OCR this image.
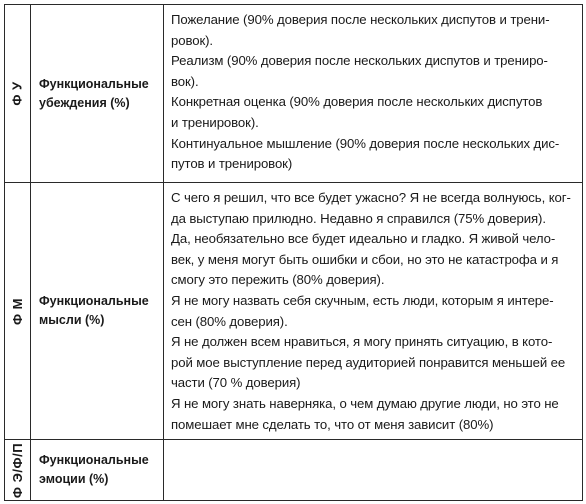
Ф У Функциональные убеждения (%)

Пожелание (90% доверия после нескольких диспутов и трени-

ровок).

Реализм (90% доверия после нескольких диспутов и трениро-

вок).

Конкретная оценка (90% доверия после нескольких диспутов

и тренировок).

Континуальное мышление (90% доверия после нескольких дис-

путов и тренировок)

Ф М Функциональные мысли (%)

С чего я решил, что все будет ужасно? Я не всегда волнуюсь, ког-

да выступаю прилюдно. Недавно я справился (75% доверия).

Да, необязательно все будет идеально и гладко. Я живой чело-

век, у меня могут быть ошибки и сбои, но это не катастрофа и я

смогу это пережить (80% доверия).

Я не могу назвать себя скучным, есть люди, которым я интере-

сен (80% доверия).

Я не должен всем нравиться, я могу принять ситуацию, в кото-

рой мое выступление перед аудиторией понравится меньшей ее

части (70 % доверия)

Я не могу знать наверняка, о чем думаю другие люди, но это не

помешает мне сделать то, что от меня зависит (80%)

Ф Э/Ф/П Функциональные эмоции (%)
